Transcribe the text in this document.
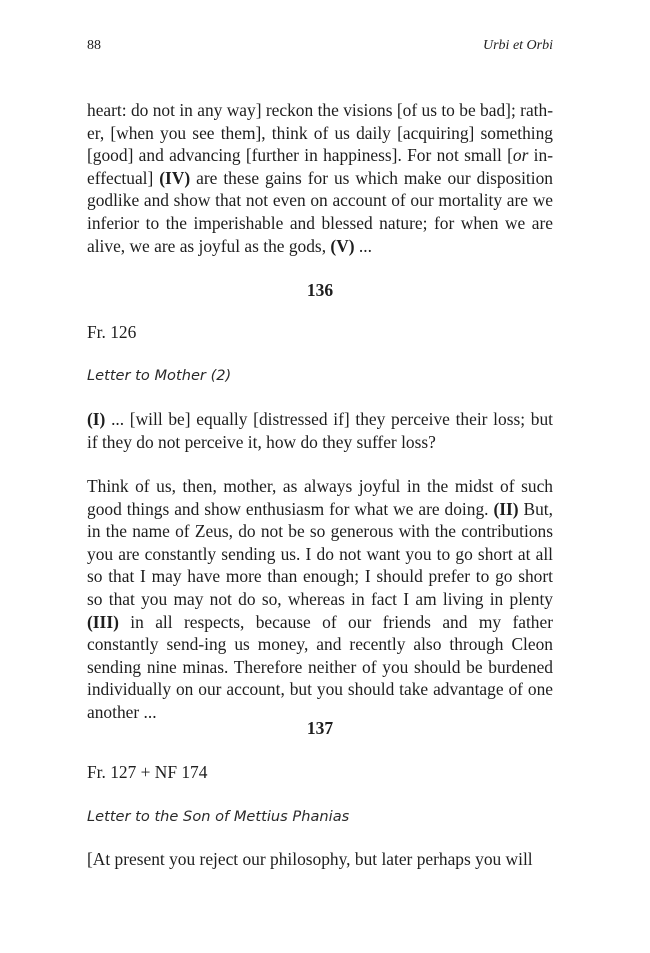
88	Urbi et Orbi

heart: do not in any way] reckon the visions [of us to be bad]; rath-er, [when you see them], think of us daily [acquiring] something [good] and advancing [further in happiness]. For not small [or in-effectual] (IV) are these gains for us which make our disposition godlike and show that not even on account of our mortality are we inferior to the imperishable and blessed nature; for when we are alive, we are as joyful as the gods, (V) ...

136
Fr. 126
Letter to Mother (2)

(I) ... [will be] equally [distressed if] they perceive their loss; but if they do not perceive it, how do they suffer loss?

Think of us, then, mother, as always joyful in the midst of such good things and show enthusiasm for what we are doing. (II) But, in the name of Zeus, do not be so generous with the contributions you are constantly sending us. I do not want you to go short at all so that I may have more than enough; I should prefer to go short so that you may not do so, whereas in fact I am living in plenty (III) in all respects, because of our friends and my father constantly send-ing us money, and recently also through Cleon sending nine minas. Therefore neither of you should be burdened individually on our account, but you should take advantage of one another ...

137
Fr. 127 + NF 174
Letter to the Son of Mettius Phanias

[At present you reject our philosophy, but later perhaps you will
